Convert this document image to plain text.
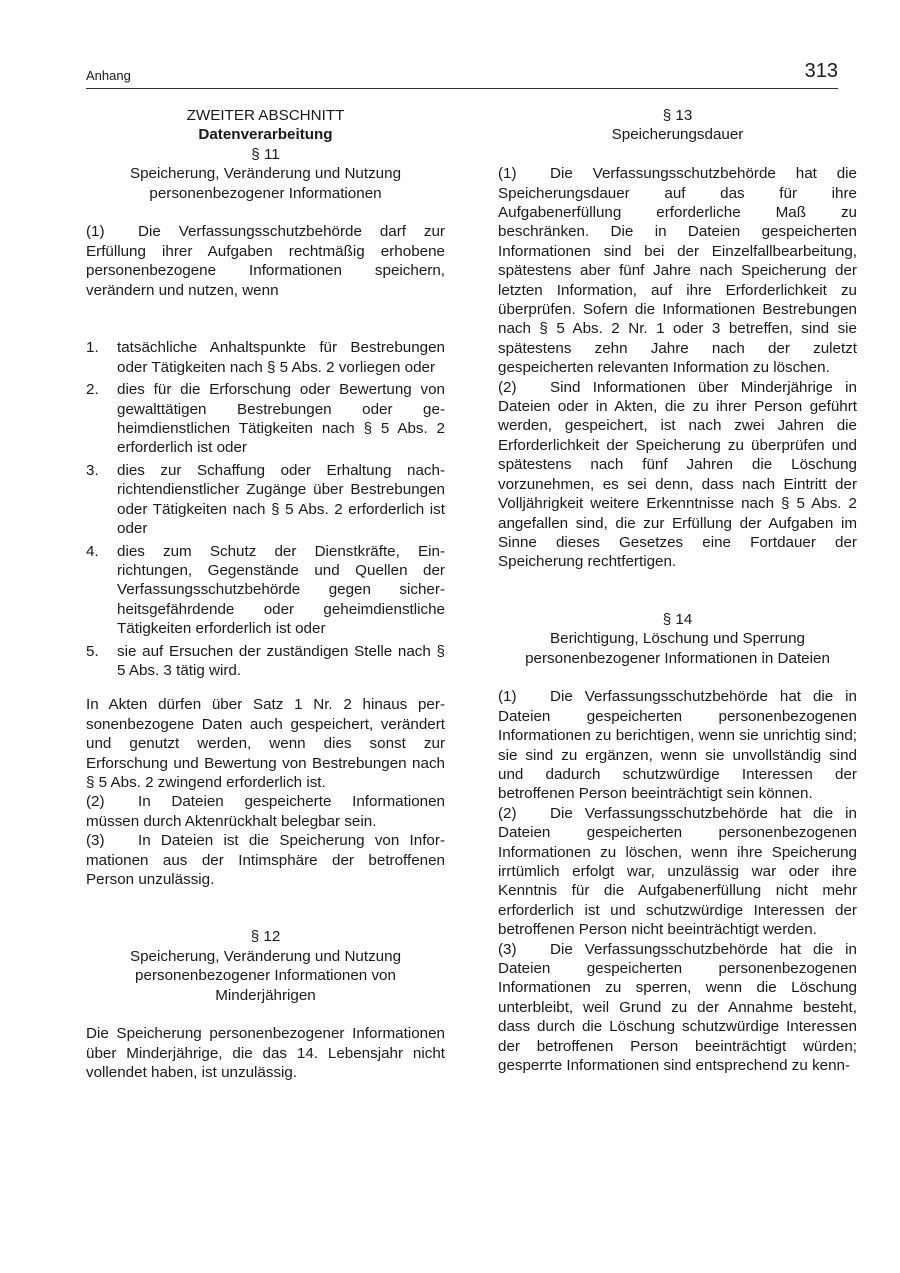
Anhang	313
ZWEITER ABSCHNITT
Datenverarbeitung
§ 11
Speicherung, Veränderung und Nutzung
personenbezogener Informationen
(1) Die Verfassungsschutzbehörde darf zur Erfüllung ihrer Aufgaben rechtmäßig erhobene personenbezogene Informationen speichern, verändern und nutzen, wenn
1. tatsächliche Anhaltspunkte für Bestrebungen oder Tätigkeiten nach § 5 Abs. 2 vorliegen oder
2. dies für die Erforschung oder Bewertung von gewalttätigen Bestrebungen oder geheimdienstlichen Tätigkeiten nach § 5 Abs. 2 erforderlich ist oder
3. dies zur Schaffung oder Erhaltung nachrichtendienstlicher Zugänge über Bestrebungen oder Tätigkeiten nach § 5 Abs. 2 erforderlich ist oder
4. dies zum Schutz der Dienstkräfte, Einrichtungen, Gegenstände und Quellen der Verfassungsschutzbehörde gegen sicherheitsgefährdende oder geheimdienstliche Tätigkeiten erforderlich ist oder
5. sie auf Ersuchen der zuständigen Stelle nach § 5 Abs. 3 tätig wird.
In Akten dürfen über Satz 1 Nr. 2 hinaus personenbezogene Daten auch gespeichert, verändert und genutzt werden, wenn dies sonst zur Erforschung und Bewertung von Bestrebungen nach § 5 Abs. 2 zwingend erforderlich ist.
(2) In Dateien gespeicherte Informationen müssen durch Aktenrückhalt belegbar sein.
(3) In Dateien ist die Speicherung von Informationen aus der Intimsphäre der betroffenen Person unzulässig.
§ 12
Speicherung, Veränderung und Nutzung
personenbezogener Informationen von
Minderjährigen
Die Speicherung personenbezogener Informationen über Minderjährige, die das 14. Lebensjahr nicht vollendet haben, ist unzulässig.
§ 13
Speicherungsdauer
(1) Die Verfassungsschutzbehörde hat die Speicherungsdauer auf das für ihre Aufgabenerfüllung erforderliche Maß zu beschränken. Die in Dateien gespeicherten Informationen sind bei der Einzelfallbearbeitung, spätestens aber fünf Jahre nach Speicherung der letzten Information, auf ihre Erforderlichkeit zu überprüfen. Sofern die Informationen Bestrebungen nach § 5 Abs. 2 Nr. 1 oder 3 betreffen, sind sie spätestens zehn Jahre nach der zuletzt gespeicherten relevanten Information zu löschen.
(2) Sind Informationen über Minderjährige in Dateien oder in Akten, die zu ihrer Person geführt werden, gespeichert, ist nach zwei Jahren die Erforderlichkeit der Speicherung zu überprüfen und spätestens nach fünf Jahren die Löschung vorzunehmen, es sei denn, dass nach Eintritt der Volljährigkeit weitere Erkenntnisse nach § 5 Abs. 2 angefallen sind, die zur Erfüllung der Aufgaben im Sinne dieses Gesetzes eine Fortdauer der Speicherung rechtfertigen.
§ 14
Berichtigung, Löschung und Sperrung
personenbezogener Informationen in Dateien
(1) Die Verfassungsschutzbehörde hat die in Dateien gespeicherten personenbezogenen Informationen zu berichtigen, wenn sie unrichtig sind; sie sind zu ergänzen, wenn sie unvollständig sind und dadurch schutzwürdige Interessen der betroffenen Person beeinträchtigt sein können.
(2) Die Verfassungsschutzbehörde hat die in Dateien gespeicherten personenbezogenen Informationen zu löschen, wenn ihre Speicherung irrtümlich erfolgt war, unzulässig war oder ihre Kenntnis für die Aufgabenerfüllung nicht mehr erforderlich ist und schutzwürdige Interessen der betroffenen Person nicht beeinträchtigt werden.
(3) Die Verfassungsschutzbehörde hat die in Dateien gespeicherten personenbezogenen Informationen zu sperren, wenn die Löschung unterbleibt, weil Grund zu der Annahme besteht, dass durch die Löschung schutzwürdige Interessen der betroffenen Person beeinträchtigt würden; gesperrte Informationen sind entsprechend zu kenn-
